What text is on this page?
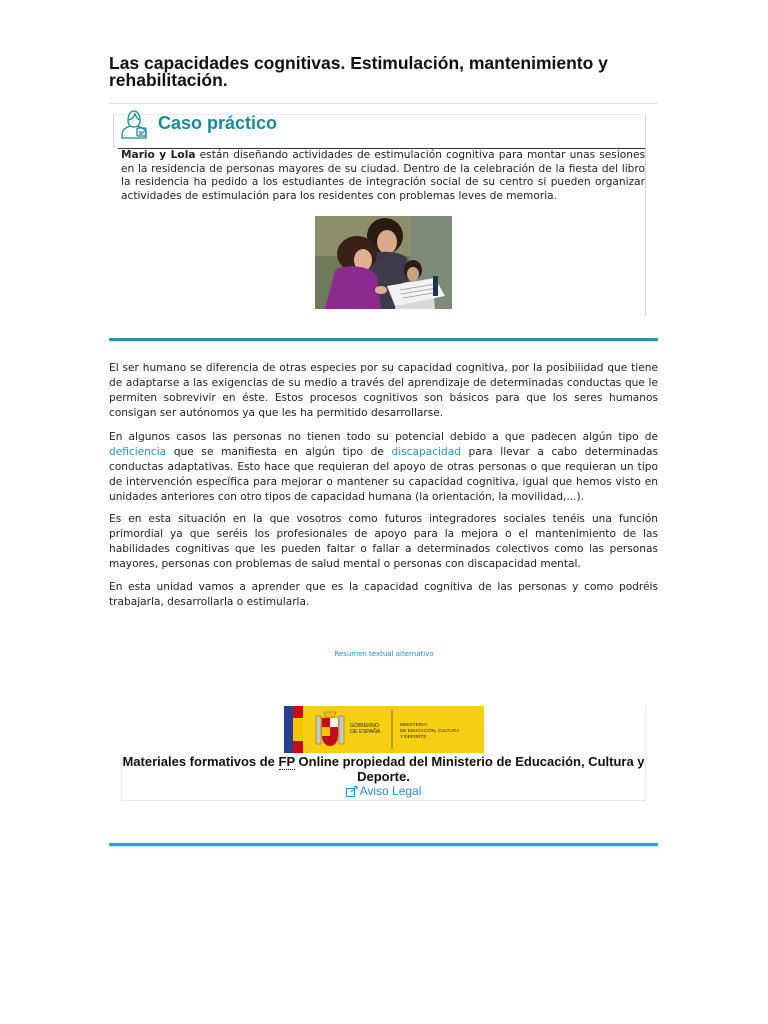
Las capacidades cognitivas. Estimulación, mantenimiento y rehabilitación.
Caso práctico

Mario y Lola están diseñando actividades de estimulación cognitiva para montar unas sesiones en la residencia de personas mayores de su ciudad. Dentro de la celebración de la fiesta del libro la residencia ha pedido a los estudiantes de integración social de su centro si pueden organizar actividades de estimulación para los residentes con problemas leves de memoria.

El ser humano se diferencia de otras especies por su capacidad cognitiva, por la posibilidad que tiene de adaptarse a las exigencias de su medio a través del aprendizaje de determinadas conductas que le permiten sobrevivir en éste. Estos procesos cognitivos son básicos para que los seres humanos consigan ser autónomos ya que les ha permitido desarrollarse.

En algunos casos las personas no tienen todo su potencial debido a que padecen algún tipo de deficiencia que se manifiesta en algún tipo de discapacidad para llevar a cabo determinadas conductas adaptativas. Esto hace que requieran del apoyo de otras personas o que requieran un tipo de intervención específica para mejorar o mantener su capacidad cognitiva, igual que hemos visto en unidades anteriores con otro tipos de capacidad humana (la orientación, la movilidad,...).

Es en esta situación en la que vosotros como futuros integradores sociales tenéis una función primordial ya que seréis los profesionales de apoyo para la mejora o el mantenimiento de las habilidades cognitivas que les pueden faltar o fallar a determinados colectivos como las personas mayores, personas con problemas de salud mental o personas con discapacidad mental.

En esta unidad vamos a aprender que es la capacidad cognitiva de las personas y como podréis trabajarla, desarrollarla o estimularla.

Resumen textual alternativo
GOBIERNO
DE ESPAÑA
MINISTERIO
DE EDUCACIÓN, CULTURA
Y DEPORTE

Materiales formativos de FP Online propiedad del Ministerio de Educación, Cultura y Deporte.

Aviso Legal
